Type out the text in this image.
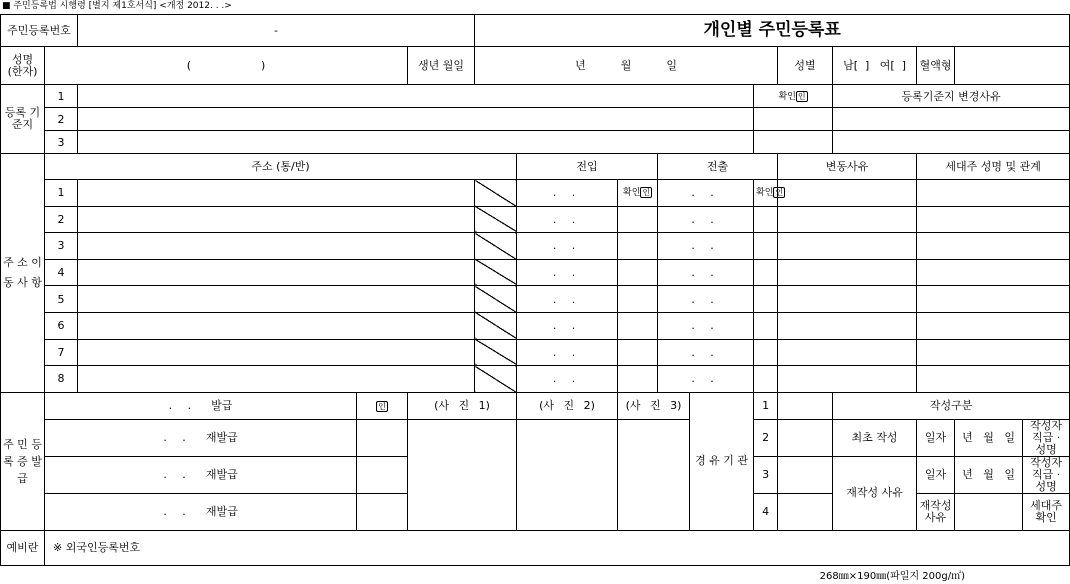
■ 주민등록법 시행령 [별지 제1호서식] <개정 2012. . .>
주민등록번호		-			개인별 주민등록표											
성명 (한자)	(                    )			생년 월일	년          월          일						성별	남[  ]   여[  ]	혈액형			
등록 기준지	1									확인 인		등록기준지 변경사유				
	2															
	3															
주 소 이 동 사 항	주소 (통/반)					전입		전출			변동사유		세대주 성명 및 관계			
	1					. .	확인 인	. .		확인 인						
	2					. .		. .								
	3					. .		. .								
	4					. .		. .								
	5					. .		. .								
	6					. .		. .								
	7					. .		. .								
	8					. .		. .								
주 민 등 록 증 발 급	. . 발급		인	(사 진 1)		(사 진 2)	(사 진 3)		경 유 기 관	1		작성구분				
	. . 재발급									2		최초 작성	일자	년   월   일	작성자 직급 · 성명	
	. . 재발급									3		재작성 사유	일자	년   월   일	작성자 직급 · 성명	
	. . 재발급									4			재작성 사유		세대주 확인	
예비란	※ 외국인등록번호															
268㎜×190㎜(파일지 200g/㎡)
